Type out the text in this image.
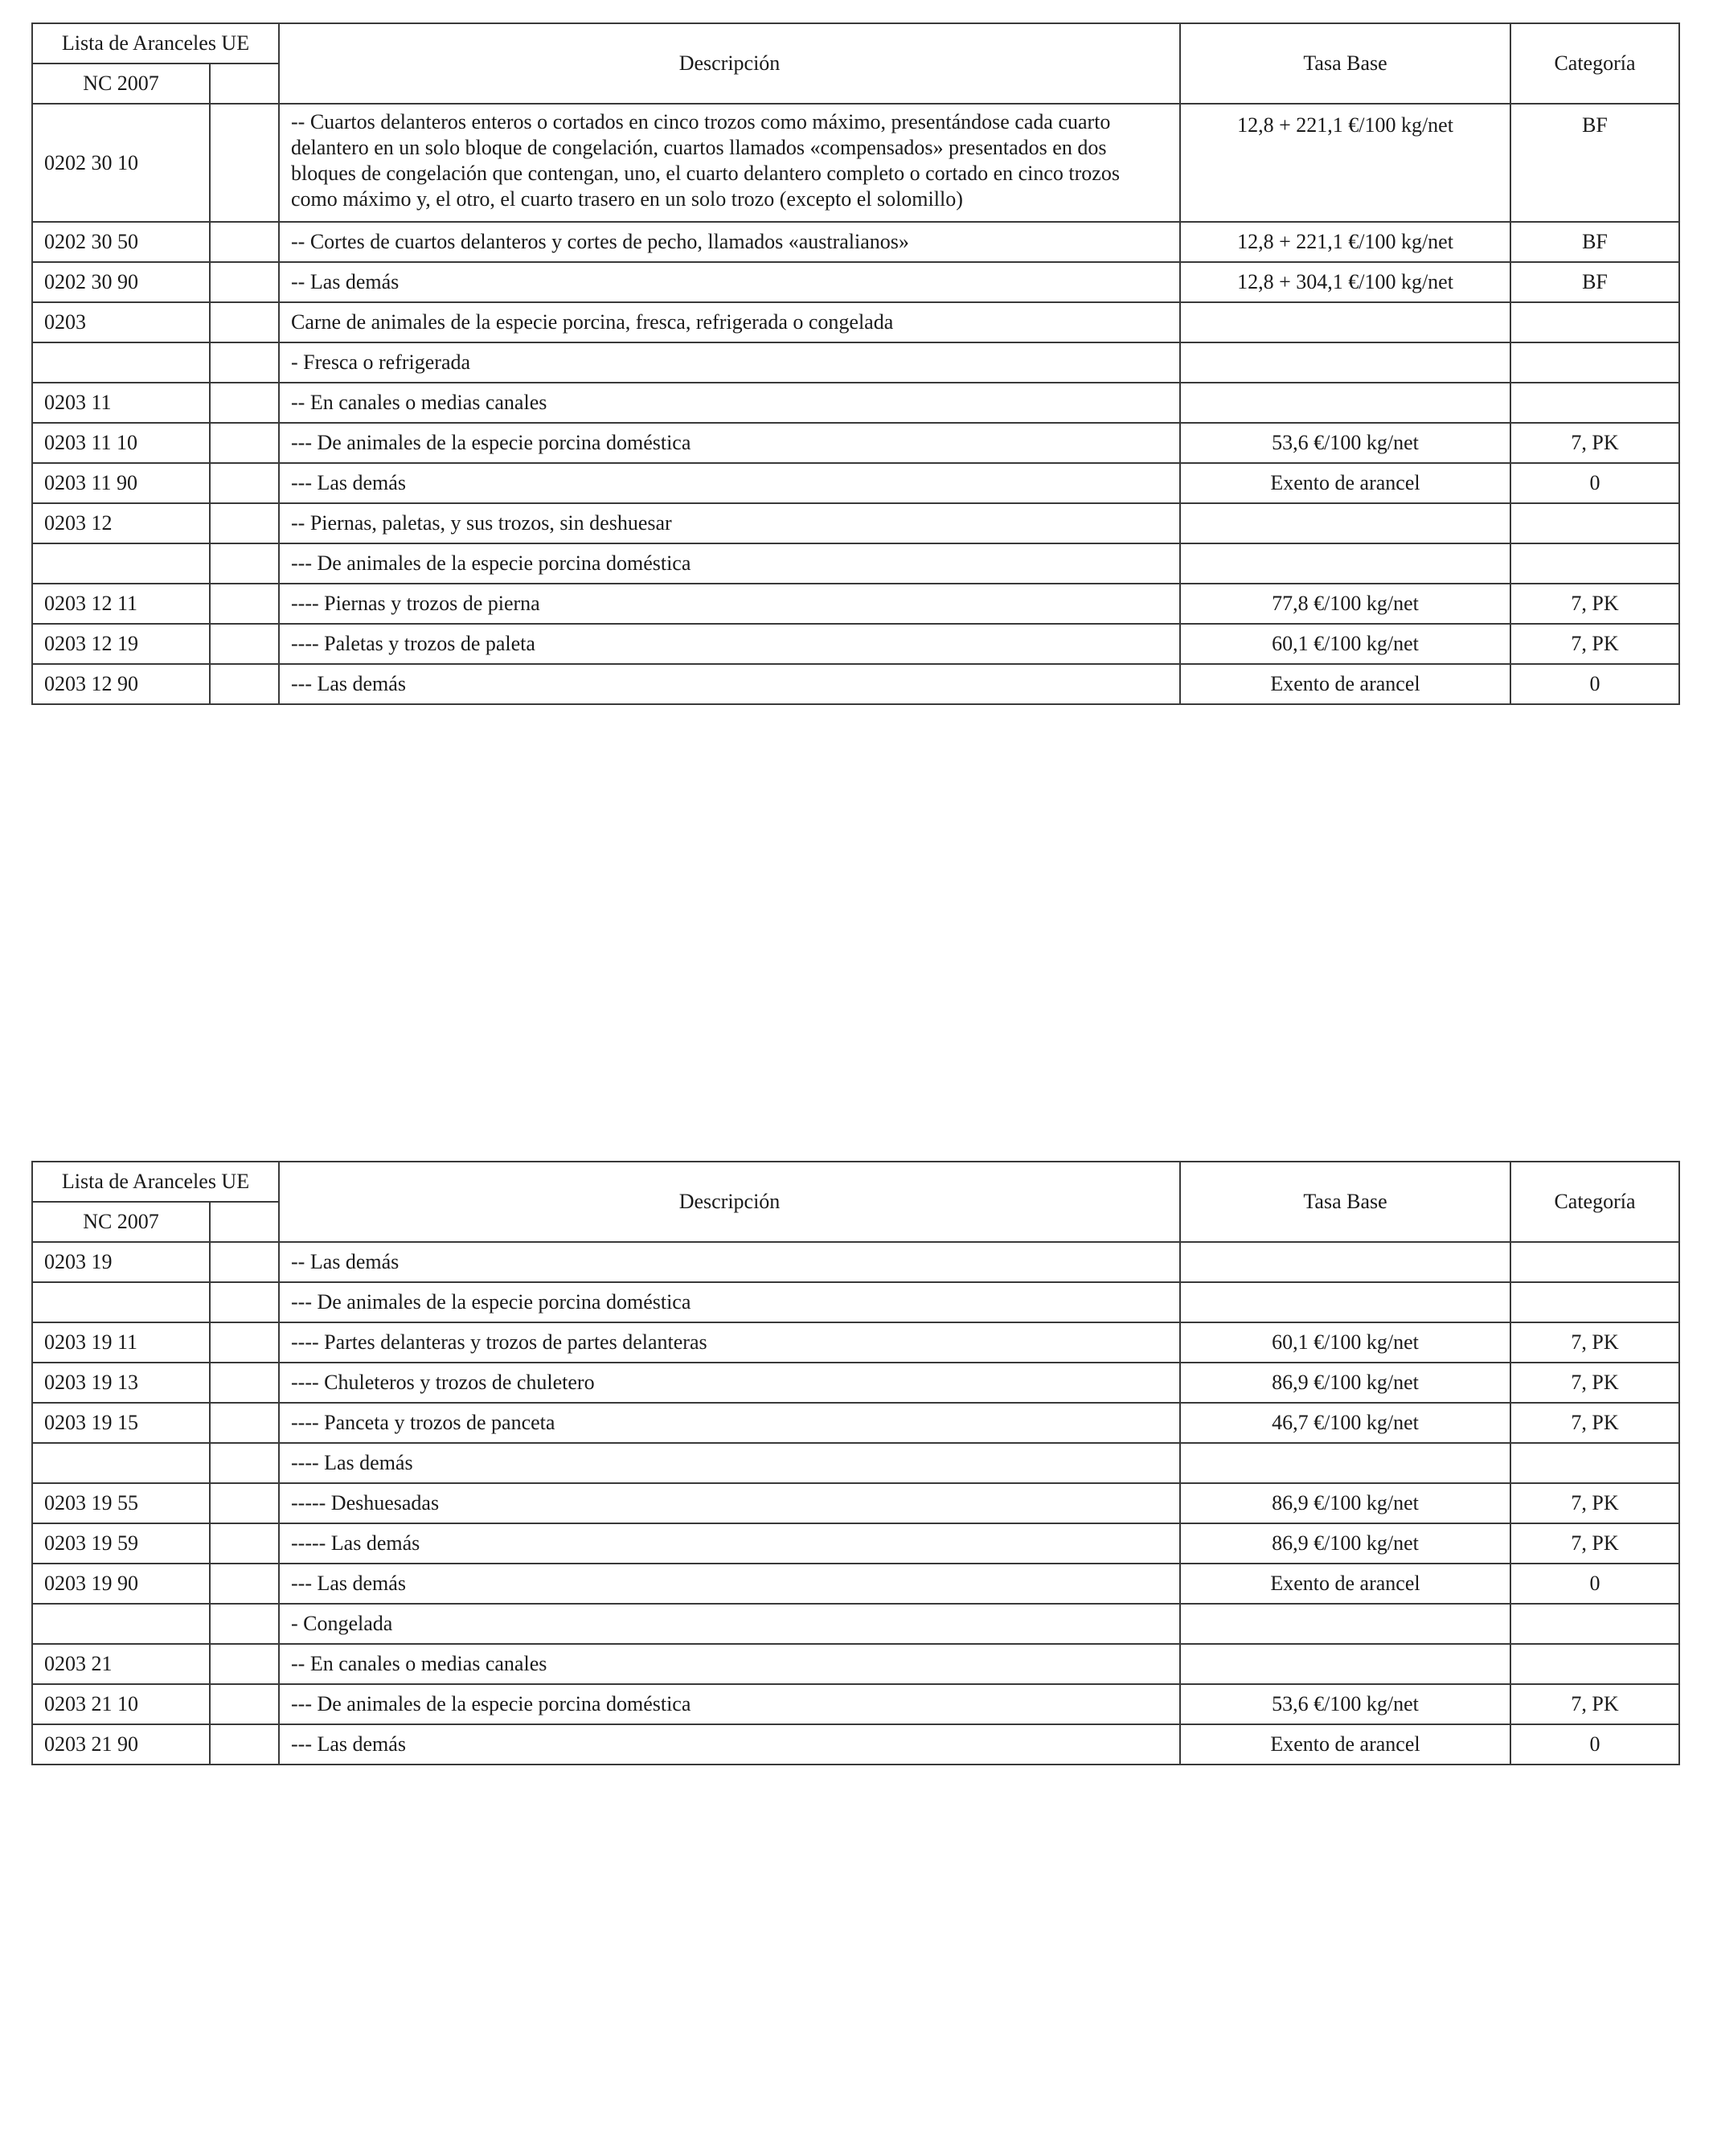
Lista de Aranceles UE		Descripción	Tasa Base	Categoría
NC 2007				
0202 30 10		-- Cuartos delanteros enteros o cortados en cinco trozos como máximo, presentándose cada cuarto delantero en un solo bloque de congelación, cuartos llamados «compensados» presentados en dos bloques de congelación que contengan, uno, el cuarto delantero completo o cortado en cinco trozos como máximo y, el otro, el cuarto trasero en un solo trozo (excepto el solomillo)	12,8 + 221,1 €/100 kg/net	BF
0202 30 50		-- Cortes de cuartos delanteros y cortes de pecho, llamados «australianos»	12,8 + 221,1 €/100 kg/net	BF
0202 30 90		-- Las demás	12,8 + 304,1 €/100 kg/net	BF
0203		Carne de animales de la especie porcina, fresca, refrigerada o congelada		
		- Fresca o refrigerada		
0203 11		-- En canales o medias canales		
0203 11 10		--- De animales de la especie porcina doméstica	53,6 €/100 kg/net	7, PK
0203 11 90		--- Las demás	Exento de arancel	0
0203 12		-- Piernas, paletas, y sus trozos, sin deshuesar		
		--- De animales de la especie porcina doméstica		
0203 12 11		---- Piernas y trozos de pierna	77,8 €/100 kg/net	7, PK
0203 12 19		---- Paletas y trozos de paleta	60,1 €/100 kg/net	7, PK
0203 12 90		--- Las demás	Exento de arancel	0
Lista de Aranceles UE		Descripción	Tasa Base	Categoría
NC 2007				
0203 19		-- Las demás		
		--- De animales de la especie porcina doméstica		
0203 19 11		---- Partes delanteras y trozos de partes delanteras	60,1 €/100 kg/net	7, PK
0203 19 13		---- Chuleteros y trozos de chuletero	86,9 €/100 kg/net	7, PK
0203 19 15		---- Panceta y trozos de panceta	46,7 €/100 kg/net	7, PK
		---- Las demás		
0203 19 55		----- Deshuesadas	86,9 €/100 kg/net	7, PK
0203 19 59		----- Las demás	86,9 €/100 kg/net	7, PK
0203 19 90		--- Las demás	Exento de arancel	0
		- Congelada		
0203 21		-- En canales o medias canales		
0203 21 10		--- De animales de la especie porcina doméstica	53,6 €/100 kg/net	7, PK
0203 21 90		--- Las demás	Exento de arancel	0
